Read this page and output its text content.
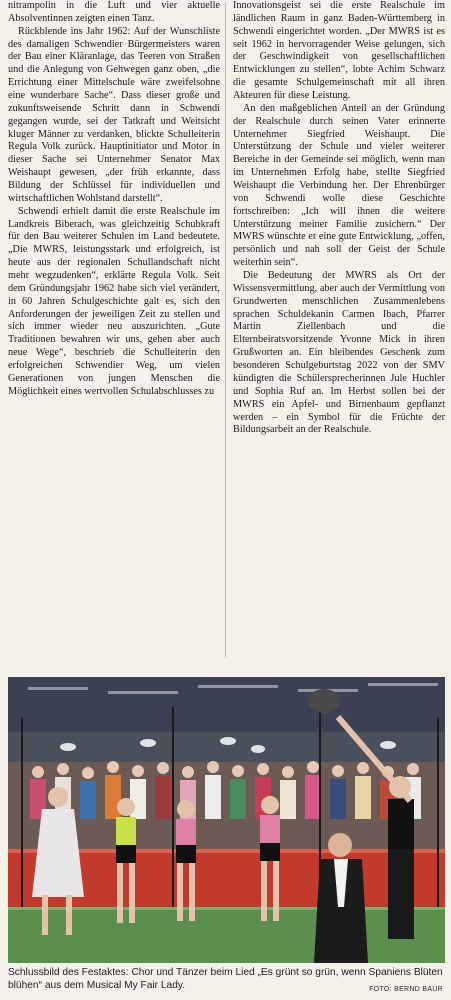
nitrampolin in die Luft und vier aktuelle Absolventinnen zeigten einen Tanz.

Rückblende ins Jahr 1962: Auf der Wunschliste des damaligen Schwendier Bürgermeisters waren der Bau einer Kläranlage, das Teeren von Straßen und die Anlegung von Gehwegen ganz oben, „die Errichtung einer Mittelschule wäre zweifelsohne eine wunderbare Sache“. Dass dieser große und zukunftsweisende Schritt dann in Schwendi gegangen wurde, sei der Tatkraft und Weitsicht kluger Männer zu verdanken, blickte Schulleiterin Regula Volk zurück. Hauptinitiator und Motor in dieser Sache sei Unternehmer Senator Max Weishaupt gewesen, „der früh erkannte, dass Bildung der Schlüssel für individuellen und wirtschaftlichen Wohlstand darstellt“.

Schwendi erhielt damit die erste Realschule im Landkreis Biberach, was gleichzeitig Schubkraft für den Bau weiterer Schulen im Land bedeutete. „Die MWRS, leistungsstark und erfolgreich, ist heute aus der regionalen Schullandschaft nicht mehr wegzudenken“, erklärte Regula Volk. Seit dem Gründungsjahr 1962 habe sich viel verändert, in 60 Jahren Schulgeschichte galt es, sich den Anforderungen der jeweiligen Zeit zu stellen und sich immer wieder neu auszurichten. „Gute Traditionen bewahren wir uns, gehen aber auch neue Wege“, beschrieb die Schulleiterin den erfolgreichen Schwendier Weg, um vielen Generationen von jungen Menschen die Möglichkeit eines wertvollen Schulabschlusses zu

Innovationsgeist sei die erste Realschule im ländlichen Raum in ganz Baden-Württemberg in Schwendi eingerichtet worden. „Der MWRS ist es seit 1962 in hervorragender Weise gelungen, sich der Geschwindigkeit von gesellschaftlichen Entwicklungen zu stellen“, lobte Achim Schwarz die gesamte Schulgemeinschaft mit all ihren Akteuren für diese Leistung.

An den maßgeblichen Anteil an der Gründung der Realschule durch seinen Vater erinnerte Unternehmer Siegfried Weishaupt. Die Unterstützung der Schule und vieler weiterer Bereiche in der Gemeinde sei möglich, wenn man im Unternehmen Erfolg habe, stellte Siegfried Weishaupt die Verbindung her. Der Ehrenbürger von Schwendi wolle diese Geschichte fortschreiben: „Ich will ihnen die weitere Unterstützung meiner Familie zusichern.“ Der MWRS wünschte er eine gute Entwicklung, „offen, persönlich und nah soll der Geist der Schule weiterhin sein“.

Die Bedeutung der MWRS als Ort der Wissensvermittlung, aber auch der Vermittlung von Grundwerten menschlichen Zusammenlebens sprachen Schuldekanin Carmen Ibach, Pfarrer Martin Ziellenbach und die Elternbeiratsvorsitzende Yvonne Mick in ihren Grußworten an. Ein bleibendes Geschenk zum besonderen Schulgeburtstag 2022 von der SMV kündigten die Schülersprecherinnen Jule Huchler und Sophia Ruf an. Im Herbst sollen bei der MWRS ein Apfel- und Birnenbaum gepflanzt werden – ein Symbol für die Früchte der Bildungsarbeit an der Realschule.

Schlussbild des Festaktes: Chor und Tänzer beim Lied „Es grünt so grün, wenn Spaniens Blüten blühen“ aus dem Musical My Fair Lady.	FOTO: BERND BAUR
